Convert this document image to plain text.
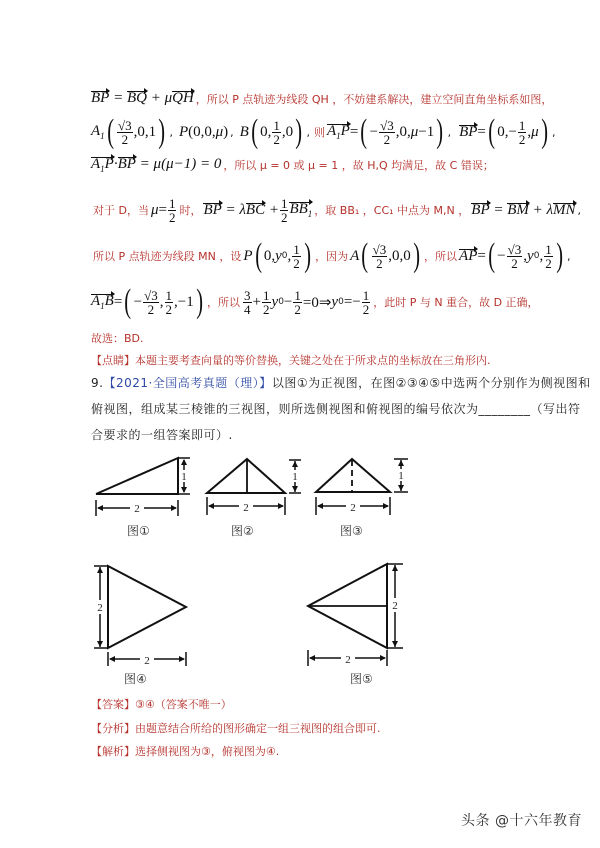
BP = BQ + μQH ，所以 P 点轨迹为线段 QH ，不妨建系解决，建立空间直角坐标系如图，
$A_1$ ( $\frac{√3}{2} ,0,1$ ) , P (0,0, μ ) , B ( 0, $\frac{1}{2} ,0$ ) , 则 $A_1P$ = ( − $\frac{√3}{2} ,0$, μ −1 ) , BP = ( $0,- \frac{1}{2}$ , μ ) ,
$A_1P\cdot BP = \mu(\mu-1) = 0$ ，所以 μ = 0 或 μ = 1 ，故 H,Q 均满足，故 C 错误；
对于 D，当 $\mu = \frac{1}{2}$ 时， BP = $\lambda BC + \frac{1}{2} BB_1$ ，取 BB₁ ，CC₁ 中点为 M,N ， BP = BM + λMN ,
所以 P 点轨迹为线段 MN ，设 P ( 0, y 0 , $\frac{1}{2}$ ) ，因为 A ( $\frac{√3}{2} ,0,0$ ) ，所以 AP = ( − $\frac{√3}{2}$ , y 0 , $\frac{1}{2}$ ) ,
$A_1B$ = ( − $\frac{√3}{2}$ , $\frac{1}{2} ,-1$ ) ，所以 $\frac{3}{4} + \frac{1}{2}$ y $0 - \frac{1}{2}$ =0⇒ y $0 =- \frac{1}{2}$ ，此时 P 与 N 重合，故 D 正确，
故选：BD.
【点睛】 本题主要考查向量的等价替换，关键之处在于所求点的坐标放在三角形内.
9. 【2021·全国高考真题（理）】 以图①为正视图，在图②③④⑤中选两个分别作为侧视图和
俯视图，组成某三棱锥的三视图，则所选侧视图和俯视图的编号依次为________（写出符
合要求的一组答案即可）.
1
2
图①
1
2
图②
1
2
图③
2
2
图④
2
2
图⑤
【答案】 ③④（答案不唯一）
【分析】 由题意结合所给的图形确定一组三视图的组合即可.
【解析】 选择侧视图为③，俯视图为④.
头条 @十六年教育
